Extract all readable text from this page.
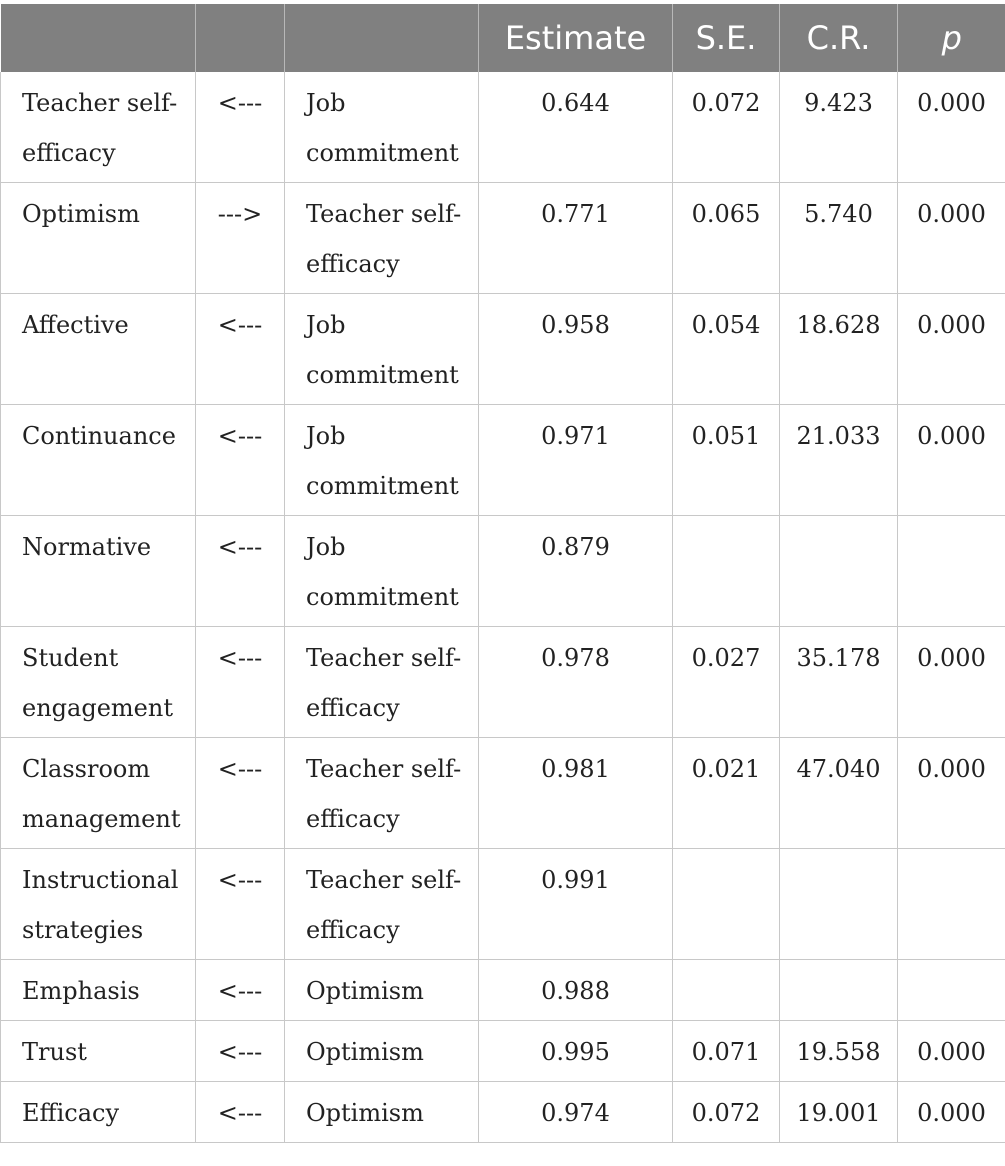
			Estimate	S.E.	C.R.	p
Teacher self-efficacy	<---	Job commitment	0.644	0.072	9.423	0.000
Optimism	--->	Teacher self-efficacy	0.771	0.065	5.740	0.000
Affective	<---	Job commitment	0.958	0.054	18.628	0.000
Continuance	<---	Job commitment	0.971	0.051	21.033	0.000
Normative	<---	Job commitment	0.879			
Student engagement	<---	Teacher self-efficacy	0.978	0.027	35.178	0.000
Classroom management	<---	Teacher self-efficacy	0.981	0.021	47.040	0.000
Instructional strategies	<---	Teacher self-efficacy	0.991			
Emphasis	<---	Optimism	0.988			
Trust	<---	Optimism	0.995	0.071	19.558	0.000
Efficacy	<---	Optimism	0.974	0.072	19.001	0.000
